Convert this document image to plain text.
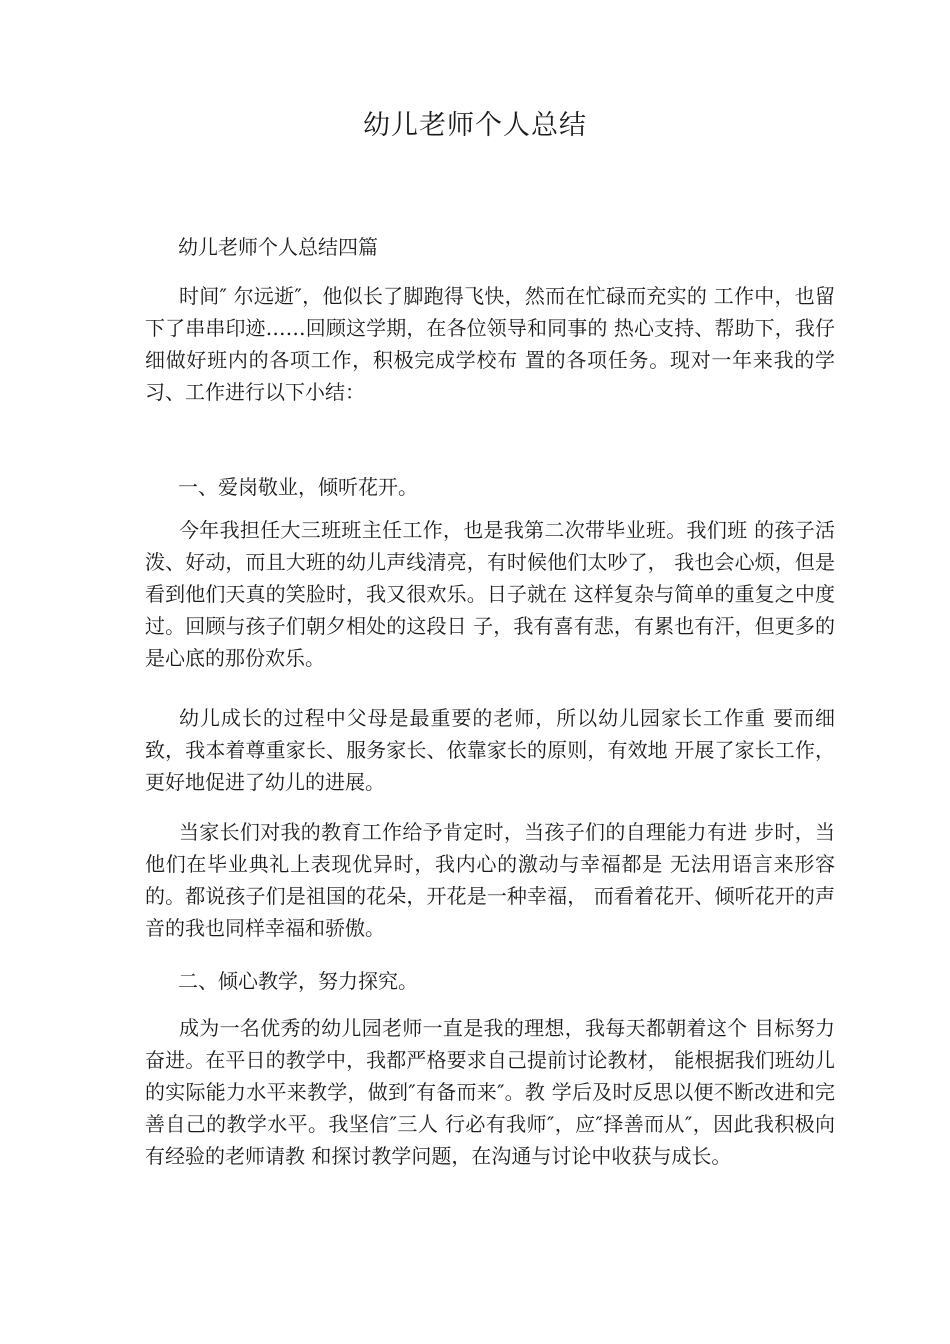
幼儿老师个人总结
幼儿老师个人总结四篇

时间″ 尔远逝″，他似长了脚跑得飞快，然而在忙碌而充实的 工作中，也留下了串串印迹……回顾这学期，在各位领导和同事的 热心支持、帮助下，我仔细做好班内的各项工作，积极完成学校布 置的各项任务。现对一年来我的学习、工作进行以下小结：

一、爱岗敬业，倾听花开。

今年我担任大三班班主任工作，也是我第二次带毕业班。我们班 的孩子活泼、好动，而且大班的幼儿声线清亮，有时候他们太吵了， 我也会心烦，但是看到他们天真的笑脸时，我又很欢乐。日子就在 这样复杂与简单的重复之中度过。回顾与孩子们朝夕相处的这段日 子，我有喜有悲，有累也有汗，但更多的是心底的那份欢乐。

幼儿成长的过程中父母是最重要的老师，所以幼儿园家长工作重 要而细致，我本着尊重家长、服务家长、依靠家长的原则，有效地 开展了家长工作，更好地促进了幼儿的进展。

当家长们对我的教育工作给予肯定时，当孩子们的自理能力有进 步时，当他们在毕业典礼上表现优异时，我内心的激动与幸福都是 无法用语言来形容的。都说孩子们是祖国的花朵，开花是一种幸福， 而看着花开、倾听花开的声音的我也同样幸福和骄傲。

二、倾心教学，努力探究。

成为一名优秀的幼儿园老师一直是我的理想，我每天都朝着这个 目标努力奋进。在平日的教学中，我都严格要求自己提前讨论教材， 能根据我们班幼儿的实际能力水平来教学，做到″有备而来″。教 学后及时反思以便不断改进和完善自己的教学水平。我坚信″三人 行必有我师″，应″择善而从″，因此我积极向有经验的老师请教 和探讨教学问题，在沟通与讨论中收获与成长。
